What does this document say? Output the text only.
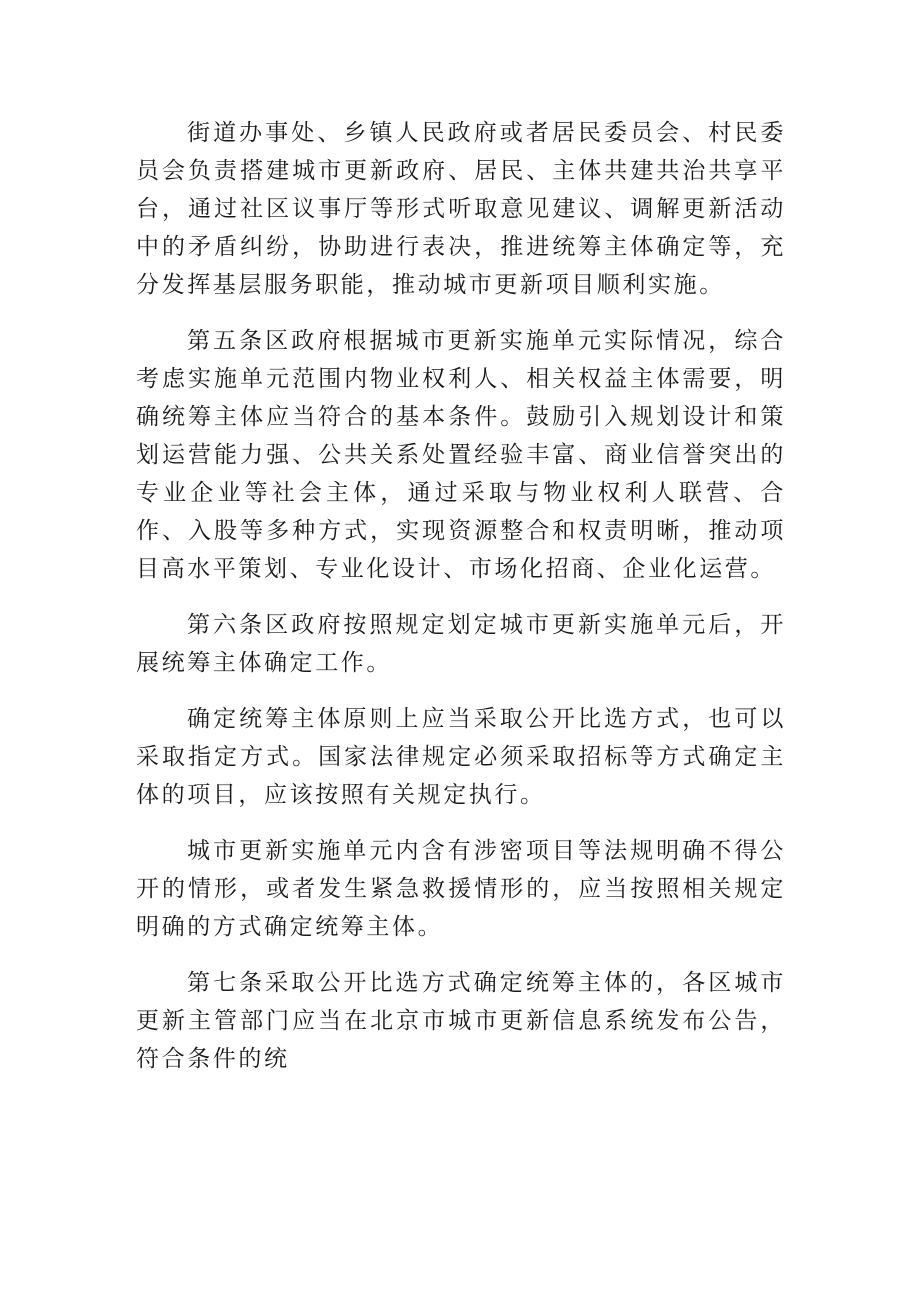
街道办事处、乡镇人民政府或者居民委员会、村民委员会负责搭建城市更新政府、居民、主体共建共治共享平台，通过社区议事厅等形式听取意见建议、调解更新活动中的矛盾纠纷，协助进行表决，推进统筹主体确定等，充分发挥基层服务职能，推动城市更新项目顺利实施。

第五条区政府根据城市更新实施单元实际情况，综合考虑实施单元范围内物业权利人、相关权益主体需要，明确统筹主体应当符合的基本条件。鼓励引入规划设计和策划运营能力强、公共关系处置经验丰富、商业信誉突出的专业企业等社会主体，通过采取与物业权利人联营、合作、入股等多种方式，实现资源整合和权责明晰，推动项目高水平策划、专业化设计、市场化招商、企业化运营。

第六条区政府按照规定划定城市更新实施单元后，开展统筹主体确定工作。

确定统筹主体原则上应当采取公开比选方式，也可以采取指定方式。国家法律规定必须采取招标等方式确定主体的项目，应该按照有关规定执行。

城市更新实施单元内含有涉密项目等法规明确不得公开的情形，或者发生紧急救援情形的，应当按照相关规定明确的方式确定统筹主体。

第七条采取公开比选方式确定统筹主体的，各区城市更新主管部门应当在北京市城市更新信息系统发布公告，符合条件的统
